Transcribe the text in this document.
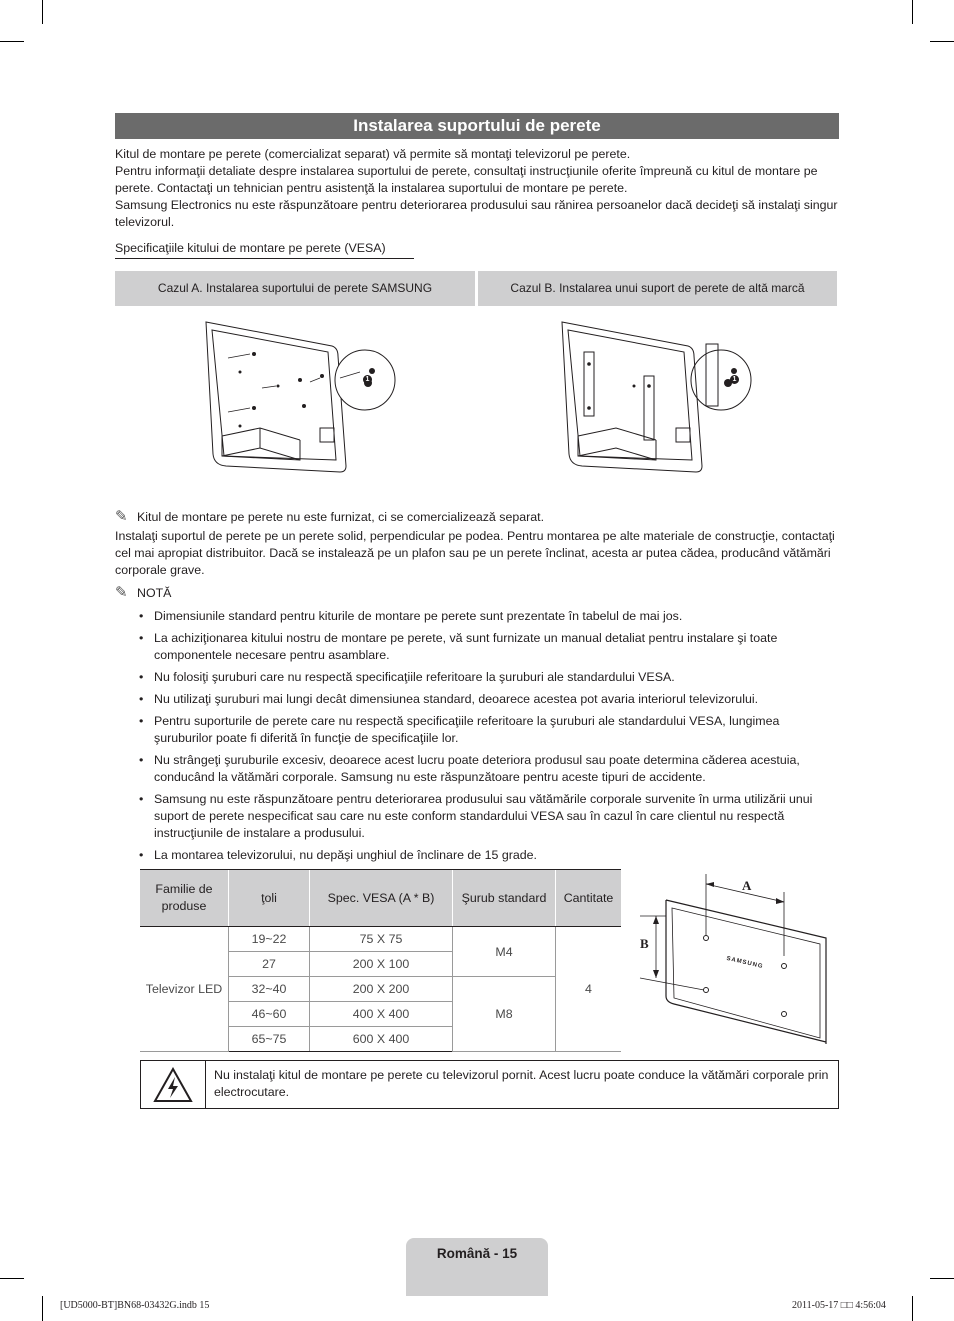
Instalarea suportului de perete

Kitul de montare pe perete (comercializat separat) vă permite să montaţi televizorul pe perete.

Pentru informaţii detaliate despre instalarea suportului de perete, consultaţi instrucţiunile oferite împreună cu kitul de montare pe perete. Contactaţi un tehnician pentru asistenţă la instalarea suportului de montare pe perete.

Samsung Electronics nu este răspunzătoare pentru deteriorarea produsului sau rănirea persoanelor dacă decideţi să instalaţi singur televizorul.

Specificaţiile kitului de montare pe perete (VESA)
Cazul A. Instalarea suportului de perete SAMSUNG	Cazul B. Instalarea unui suport de perete de altă marcă
1	1
✎ Kitul de montare pe perete nu este furnizat, ci se comercializează separat.

Instalaţi suportul de perete pe un perete solid, perpendicular pe podea. Pentru montarea pe alte materiale de construcţie, contactaţi cel mai apropiat distribuitor. Dacă se instalează pe un plafon sau pe un perete înclinat, acesta ar putea cădea, producând vătămări corporale grave.

✎ NOTĂ
• Dimensiunile standard pentru kiturile de montare pe perete sunt prezentate în tabelul de mai jos.
• La achiziţionarea kitului nostru de montare pe perete, vă sunt furnizate un manual detaliat pentru instalare şi toate componentele necesare pentru asamblare.
• Nu folosiţi şuruburi care nu respectă specificaţiile referitoare la şuruburi ale standardului VESA.
• Nu utilizaţi şuruburi mai lungi decât dimensiunea standard, deoarece acestea pot avaria interiorul televizorului.
• Pentru suporturile de perete care nu respectă specificaţiile referitoare la şuruburi ale standardului VESA, lungimea şuruburilor poate fi diferită în funcţie de specificaţiile lor.
• Nu strângeţi şuruburile excesiv, deoarece acest lucru poate deteriora produsul sau poate determina căderea acestuia, conducând la vătămări corporale. Samsung nu este răspunzătoare pentru aceste tipuri de accidente.
• Samsung nu este răspunzătoare pentru deteriorarea produsului sau vătămările corporale survenite în urma utilizării unui suport de perete nespecificat sau care nu este conform standardului VESA sau în cazul în care clientul nu respectă instrucţiunile de instalare a produsului.
• La montarea televizorului, nu depăşi unghiul de înclinare de 15 grade.
Familie de produse	ţoli	Spec. VESA (A * B)	Şurub standard	Cantitate
Televizor LED	19~22	75 X 75	M4	4
	27	200 X 100		
	32~40	200 X 200	M8	
	46~60	400 X 400		
	65~75	600 X 400		
A
B
SAMSUNG

Nu instalaţi kitul de montare pe perete cu televizorul pornit. Acest lucru poate conduce la vătămări corporale prin electrocutare.

Română - 15
[UD5000-BT]BN68-03432G.indb 15	2011-05-17 □□ 4:56:04
